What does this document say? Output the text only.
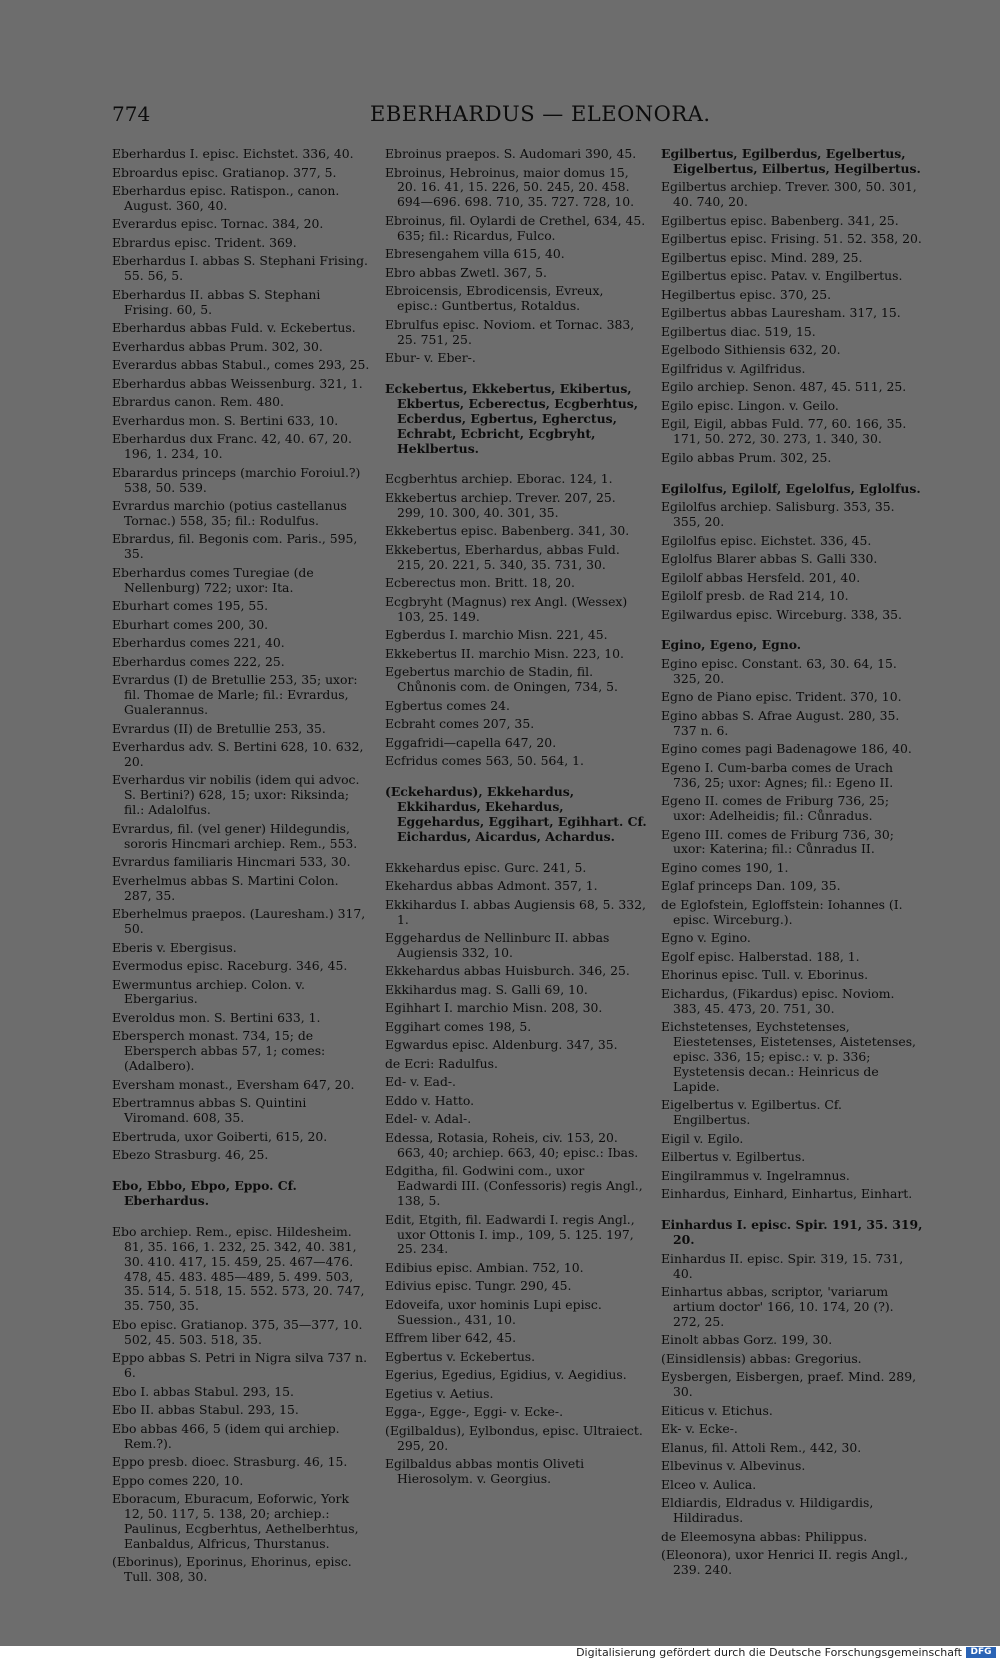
774	EBERHARDUS — ELEONORA.
Eberhardus I. episc. Eichstet. 336, 40.
Ebroardus episc. Gratianop. 377, 5.
Eberhardus episc. Ratispon., canon. August. 360, 40.
Everardus episc. Tornac. 384, 20.
Ebrardus episc. Trident. 369.
Eberhardus I. abbas S. Stephani Frising. 55. 56, 5.
Eberhardus II. abbas S. Stephani Frising. 60, 5.
Eberhardus abbas Fuld. v. Eckebertus.
Everhardus abbas Prum. 302, 30.
Everardus abbas Stabul., comes 293, 25.
Eberhardus abbas Weissenburg. 321, 1.
Ebrardus canon. Rem. 480.
Everhardus mon. S. Bertini 633, 10.
Eberhardus dux Franc. 42, 40. 67, 20. 196, 1. 234, 10.
Ebarardus princeps (marchio Foroiul.?) 538, 50. 539.
Evrardus marchio (potius castellanus Tornac.) 558, 35; fil.: Rodulfus.
Ebrardus, fil. Begonis com. Paris., 595, 35.
Eberhardus comes Turegiae (de Nellenburg) 722; uxor: Ita.
Eburhart comes 195, 55.
Eburhart comes 200, 30.
Eberhardus comes 221, 40.
Eberhardus comes 222, 25.
Evrardus (I) de Bretullie 253, 35; uxor: fil. Thomae de Marle; fil.: Evrardus, Gualerannus.
Evrardus (II) de Bretullie 253, 35.
Everhardus adv. S. Bertini 628, 10. 632, 20.
Everhardus vir nobilis (idem qui advoc. S. Bertini?) 628, 15; uxor: Riksinda; fil.: Adalolfus.
Evrardus, fil. (vel gener) Hildegundis, sororis Hincmari archiep. Rem., 553.
Evrardus familiaris Hincmari 533, 30.
Everhelmus abbas S. Martini Colon. 287, 35.
Eberhelmus praepos. (Lauresham.) 317, 50.
Eberis v. Ebergisus.
Evermodus episc. Raceburg. 346, 45.
Ewermuntus archiep. Colon. v. Ebergarius.
Everoldus mon. S. Bertini 633, 1.
Ebersperch monast. 734, 15; de Ebersperch abbas 57, 1; comes: (Adalbero).
Eversham monast., Eversham 647, 20.
Ebertramnus abbas S. Quintini Viromand. 608, 35.
Ebertruda, uxor Goiberti, 615, 20.
Ebezo Strasburg. 46, 25.
Ebo, Ebbo, Ebpo, Eppo. Cf. Eberhardus.
Ebo archiep. Rem., episc. Hildesheim. 81, 35. 166, 1. 232, 25. 342, 40. 381, 30. 410. 417, 15. 459, 25. 467—476. 478, 45. 483. 485—489, 5. 499. 503, 35. 514, 5. 518, 15. 552. 573, 20. 747, 35. 750, 35.
Ebo episc. Gratianop. 375, 35—377, 10. 502, 45. 503. 518, 35.
Eppo abbas S. Petri in Nigra silva 737 n. 6.
Ebo I. abbas Stabul. 293, 15.
Ebo II. abbas Stabul. 293, 15.
Ebo abbas 466, 5 (idem qui archiep. Rem.?).
Eppo presb. dioec. Strasburg. 46, 15.
Eppo comes 220, 10.
Eboracum, Eburacum, Eoforwic, York 12, 50. 117, 5. 138, 20; archiep.: Paulinus, Ecgberhtus, Aethelberhtus, Eanbaldus, Alfricus, Thurstanus.
(Eborinus), Eporinus, Ehorinus, episc. Tull. 308, 30.
Ebroinus praepos. S. Audomari 390, 45.
Ebroinus, Hebroinus, maior domus 15, 20. 16. 41, 15. 226, 50. 245, 20. 458. 694—696. 698. 710, 35. 727. 728, 10.
Ebroinus, fil. Oylardi de Crethel, 634, 45. 635; fil.: Ricardus, Fulco.
Ebresengahem villa 615, 40.
Ebro abbas Zwetl. 367, 5.
Ebroicensis, Ebrodicensis, Evreux, episc.: Guntbertus, Rotaldus.
Ebrulfus episc. Noviom. et Tornac. 383, 25. 751, 25.
Ebur- v. Eber-.
Eckebertus, Ekkebertus, Ekibertus, Ekbertus, Ecberectus, Ecgberhtus, Ecberdus, Egbertus, Egherctus, Echrabt, Ecbricht, Ecgbryht, Heklbertus.
Ecgberhtus archiep. Eborac. 124, 1.
Ekkebertus archiep. Trever. 207, 25. 299, 10. 300, 40. 301, 35.
Ekkebertus episc. Babenberg. 341, 30.
Ekkebertus, Eberhardus, abbas Fuld. 215, 20. 221, 5. 340, 35. 731, 30.
Ecberectus mon. Britt. 18, 20.
Ecgbryht (Magnus) rex Angl. (Wessex) 103, 25. 149.
Egberdus I. marchio Misn. 221, 45.
Ekkebertus II. marchio Misn. 223, 10.
Egebertus marchio de Stadin, fil. Chůnonis com. de Oningen, 734, 5.
Egbertus comes 24.
Ecbraht comes 207, 35.
Eggafridi—capella 647, 20.
Ecfridus comes 563, 50. 564, 1.
(Eckehardus), Ekkehardus, Ekkihardus, Ekehardus, Eggehardus, Eggihart, Egihhart. Cf. Eichardus, Aicardus, Achardus.
Ekkehardus episc. Gurc. 241, 5.
Ekehardus abbas Admont. 357, 1.
Ekkihardus I. abbas Augiensis 68, 5. 332, 1.
Eggehardus de Nellinburc II. abbas Augiensis 332, 10.
Ekkehardus abbas Huisburch. 346, 25.
Ekkihardus mag. S. Galli 69, 10.
Egihhart I. marchio Misn. 208, 30.
Eggihart comes 198, 5.
Egwardus episc. Aldenburg. 347, 35.
de Ecri: Radulfus.
Ed- v. Ead-.
Eddo v. Hatto.
Edel- v. Adal-.
Edessa, Rotasia, Roheis, civ. 153, 20. 663, 40; archiep. 663, 40; episc.: Ibas.
Edgitha, fil. Godwini com., uxor Eadwardi III. (Confessoris) regis Angl., 138, 5.
Edit, Etgith, fil. Eadwardi I. regis Angl., uxor Ottonis I. imp., 109, 5. 125. 197, 25. 234.
Edibius episc. Ambian. 752, 10.
Edivius episc. Tungr. 290, 45.
Edoveifa, uxor hominis Lupi episc. Suession., 431, 10.
Effrem liber 642, 45.
Egbertus v. Eckebertus.
Egerius, Egedius, Egidius, v. Aegidius.
Egetius v. Aetius.
Egga-, Egge-, Eggi- v. Ecke-.
(Egilbaldus), Eylbondus, episc. Ultraiect. 295, 20.
Egilbaldus abbas montis Oliveti Hierosolym. v. Georgius.
Egilbertus, Egilberdus, Egelbertus, Eigelbertus, Eilbertus, Hegilbertus.
Egilbertus archiep. Trever. 300, 50. 301, 40. 740, 20.
Egilbertus episc. Babenberg. 341, 25.
Egilbertus episc. Frising. 51. 52. 358, 20.
Egilbertus episc. Mind. 289, 25.
Egilbertus episc. Patav. v. Engilbertus.
Hegilbertus episc. 370, 25.
Egilbertus abbas Lauresham. 317, 15.
Egilbertus diac. 519, 15.
Egelbodo Sithiensis 632, 20.
Egilfridus v. Agilfridus.
Egilo archiep. Senon. 487, 45. 511, 25.
Egilo episc. Lingon. v. Geilo.
Egil, Eigil, abbas Fuld. 77, 60. 166, 35. 171, 50. 272, 30. 273, 1. 340, 30.
Egilo abbas Prum. 302, 25.
Egilolfus, Egilolf, Egelolfus, Eglolfus.
Egilolfus archiep. Salisburg. 353, 35. 355, 20.
Egilolfus episc. Eichstet. 336, 45.
Eglolfus Blarer abbas S. Galli 330.
Egilolf abbas Hersfeld. 201, 40.
Egilolf presb. de Rad 214, 10.
Egilwardus episc. Wirceburg. 338, 35.
Egino, Egeno, Egno.
Egino episc. Constant. 63, 30. 64, 15. 325, 20.
Egno de Piano episc. Trident. 370, 10.
Egino abbas S. Afrae August. 280, 35. 737 n. 6.
Egino comes pagi Badenagowe 186, 40.
Egeno I. Cum-barba comes de Urach 736, 25; uxor: Agnes; fil.: Egeno II.
Egeno II. comes de Friburg 736, 25; uxor: Adelheidis; fil.: Cůnradus.
Egeno III. comes de Friburg 736, 30; uxor: Katerina; fil.: Cůnradus II.
Egino comes 190, 1.
Eglaf princeps Dan. 109, 35.
de Eglofstein, Egloffstein: Iohannes (I. episc. Wirceburg.).
Egno v. Egino.
Egolf episc. Halberstad. 188, 1.
Ehorinus episc. Tull. v. Eborinus.
Eichardus, (Fikardus) episc. Noviom. 383, 45. 473, 20. 751, 30.
Eichstetenses, Eychstetenses, Eiestetenses, Eistetenses, Aistetenses, episc. 336, 15; episc.: v. p. 336; Eystetensis decan.: Heinricus de Lapide.
Eigelbertus v. Egilbertus. Cf. Engilbertus.
Eigil v. Egilo.
Eilbertus v. Egilbertus.
Eingilrammus v. Ingelramnus.
Einhardus, Einhard, Einhartus, Einhart.
Einhardus I. episc. Spir. 191, 35. 319, 20.
Einhardus II. episc. Spir. 319, 15. 731, 40.
Einhartus abbas, scriptor, 'variarum artium doctor' 166, 10. 174, 20 (?). 272, 25.
Einolt abbas Gorz. 199, 30.
(Einsidlensis) abbas: Gregorius.
Eysbergen, Eisbergen, praef. Mind. 289, 30.
Eiticus v. Etichus.
Ek- v. Ecke-.
Elanus, fil. Attoli Rem., 442, 30.
Elbevinus v. Albevinus.
Elceo v. Aulica.
Eldiardis, Eldradus v. Hildigardis, Hildiradus.
de Eleemosyna abbas: Philippus.
(Eleonora), uxor Henrici II. regis Angl., 239. 240.
Digitalisierung gefördert durch die Deutsche Forschungsgemeinschaft DFG
